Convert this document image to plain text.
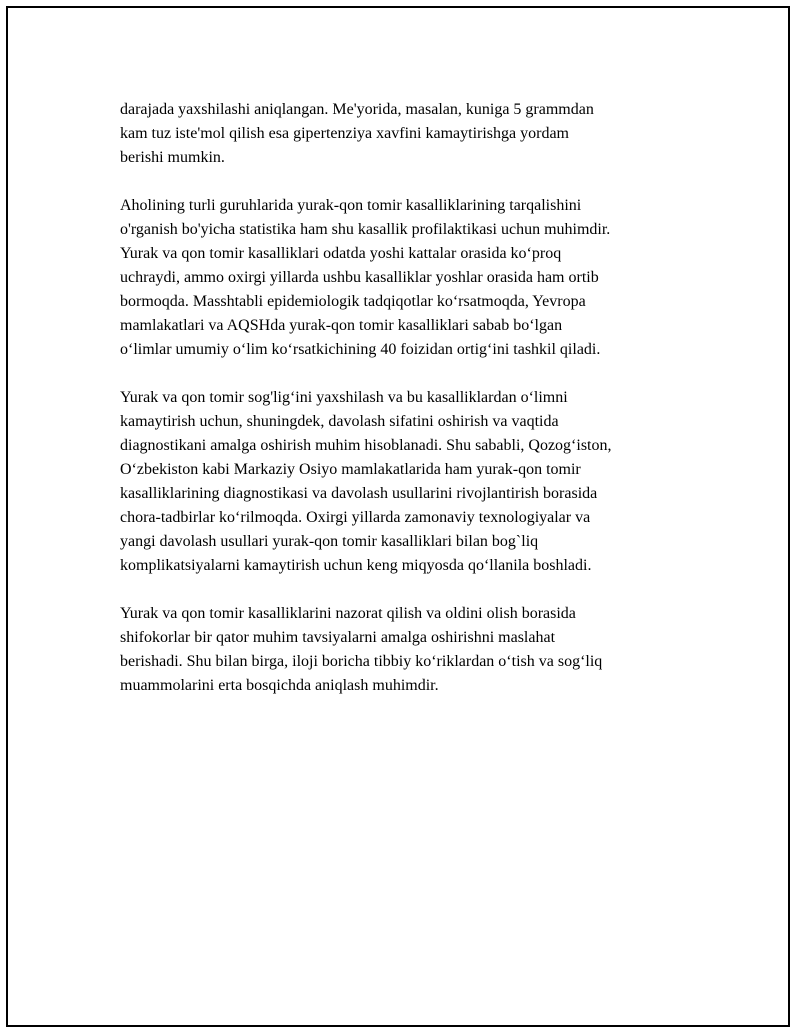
darajada yaxshilashi aniqlangan. Me'yorida, masalan, kuniga 5 grammdan
kam tuz iste'mol qilish esa gipertenziya xavfini kamaytirishga yordam
berishi mumkin.

Aholining turli guruhlarida yurak-qon tomir kasalliklarining tarqalishini
o'rganish bo'yicha statistika ham shu kasallik profilaktikasi uchun muhimdir.
Yurak va qon tomir kasalliklari odatda yoshi kattalar orasida ko‘proq
uchraydi, ammo oxirgi yillarda ushbu kasalliklar yoshlar orasida ham ortib
bormoqda. Masshtabli epidemiologik tadqiqotlar ko‘rsatmoqda, Yevropa
mamlakatlari va AQSHda yurak-qon tomir kasalliklari sabab bo‘lgan
o‘limlar umumiy o‘lim ko‘rsatkichining 40 foizidan ortig‘ini tashkil qiladi.

Yurak va qon tomir sog'lig‘ini yaxshilash va bu kasalliklardan o‘limni
kamaytirish uchun, shuningdek, davolash sifatini oshirish va vaqtida
diagnostikani amalga oshirish muhim hisoblanadi. Shu sababli, Qozog‘iston,
O‘zbekiston kabi Markaziy Osiyo mamlakatlarida ham yurak-qon tomir
kasalliklarining diagnostikasi va davolash usullarini rivojlantirish borasida
chora-tadbirlar ko‘rilmoqda. Oxirgi yillarda zamonaviy texnologiyalar va
yangi davolash usullari yurak-qon tomir kasalliklari bilan bog`liq
komplikatsiyalarni kamaytirish uchun keng miqyosda qo‘llanila boshladi.

Yurak va qon tomir kasalliklarini nazorat qilish va oldini olish borasida
shifokorlar bir qator muhim tavsiyalarni amalga oshirishni maslahat
berishadi. Shu bilan birga, iloji boricha tibbiy ko‘riklardan o‘tish va sog‘liq
muammolarini erta bosqichda aniqlash muhimdir.
